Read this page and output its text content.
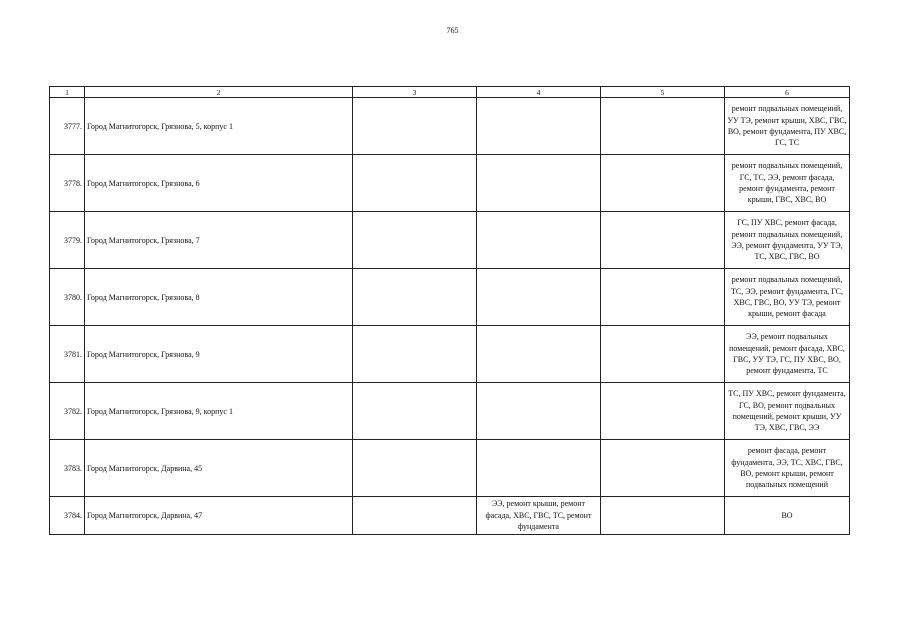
765
1	2	3	4	5	6
3777.	Город Магнитогорск, Грязнова, 5, корпус 1				ремонт подвальных помещений, УУ ТЭ, ремонт крыши, ХВС, ГВС, ВО, ремонт фундамента, ПУ ХВС, ГС, ТС
3778.	Город Магнитогорск, Грязнова, 6				ремонт подвальных помещений, ГС, ТС, ЭЭ, ремонт фасада, ремонт фундамента, ремонт крыши, ГВС, ХВС, ВО
3779.	Город Магнитогорск, Грязнова, 7				ГС, ПУ ХВС, ремонт фасада, ремонт подвальных помещений, ЭЭ, ремонт фундамента, УУ ТЭ, ТС, ХВС, ГВС, ВО
3780.	Город Магнитогорск, Грязнова, 8				ремонт подвальных помещений, ТС, ЭЭ, ремонт фундамента, ГС, ХВС, ГВС, ВО, УУ ТЭ, ремонт крыши, ремонт фасада
3781.	Город Магнитогорск, Грязнова, 9				ЭЭ, ремонт подвальных помещений, ремонт фасада, ХВС, ГВС, УУ ТЭ, ГС, ПУ ХВС, ВО, ремонт фундамента, ТС
3782.	Город Магнитогорск, Грязнова, 9, корпус 1				ТС, ПУ ХВС, ремонт фундамента, ГС, ВО, ремонт подвальных помещений, ремонт крыши, УУ ТЭ, ХВС, ГВС, ЭЭ
3783.	Город Магнитогорск, Дарвина, 45				ремонт фасада, ремонт фундамента, ЭЭ, ТС, ХВС, ГВС, ВО, ремонт крыши, ремонт подвальных помещений
3784.	Город Магнитогорск, Дарвина, 47		ЭЭ, ремонт крыши, ремонт фасада, ХВС, ГВС, ТС, ремонт фундамента		ВО
